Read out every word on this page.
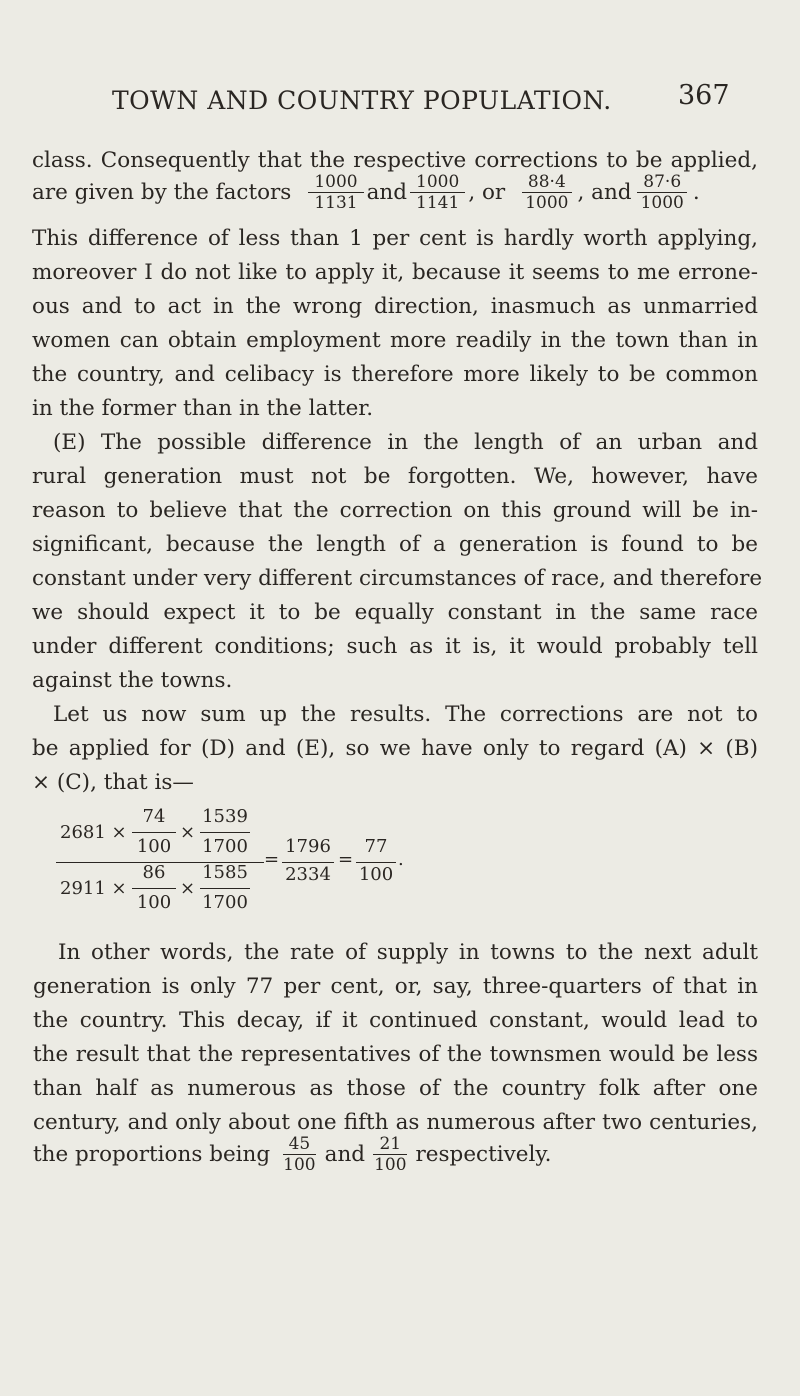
TOWN AND COUNTRY POPULATION. 367
class. Consequently that the respective corrections to be applied,
are given by the factors $\frac{1000}{1131}$ and $\frac{1000}{1141}$ , or $\frac{88\cdot 4}{1000}$ , and $\frac{87\cdot 6}{1000}$ .
This difference of less than 1 per cent is hardly worth applying,
moreover I do not like to apply it, because it seems to me errone-
ous and to act in the wrong direction, inasmuch as unmarried
women can obtain employment more readily in the town than in
the country, and celibacy is therefore more likely to be common
in the former than in the latter.
(E) The possible difference in the length of an urban and
rural generation must not be forgotten. We, however, have
reason to believe that the correction on this ground will be in-
significant, because the length of a generation is found to be
constant under very different circumstances of race, and therefore
we should expect it to be equally constant in the same race
under different conditions; such as it is, it would probably tell
against the towns.
Let us now sum up the results. The corrections are not to
be applied for (D) and (E), so we have only to regard (A) × (B)
× (C), that is—
2681 ×
74
100
×
1539
1700
2911 ×
86
100
×
1585
1700
=
1796
2334
=
77
100
.
In other words, the rate of supply in towns to the next adult
generation is only 77 per cent, or, say, three-quarters of that in
the country. This decay, if it continued constant, would lead to
the result that the representatives of the townsmen would be less
than half as numerous as those of the country folk after one
century, and only about one fifth as numerous after two centuries,
the proportions being $\frac{45}{100}$ and $\frac{21}{100}$ respectively.
